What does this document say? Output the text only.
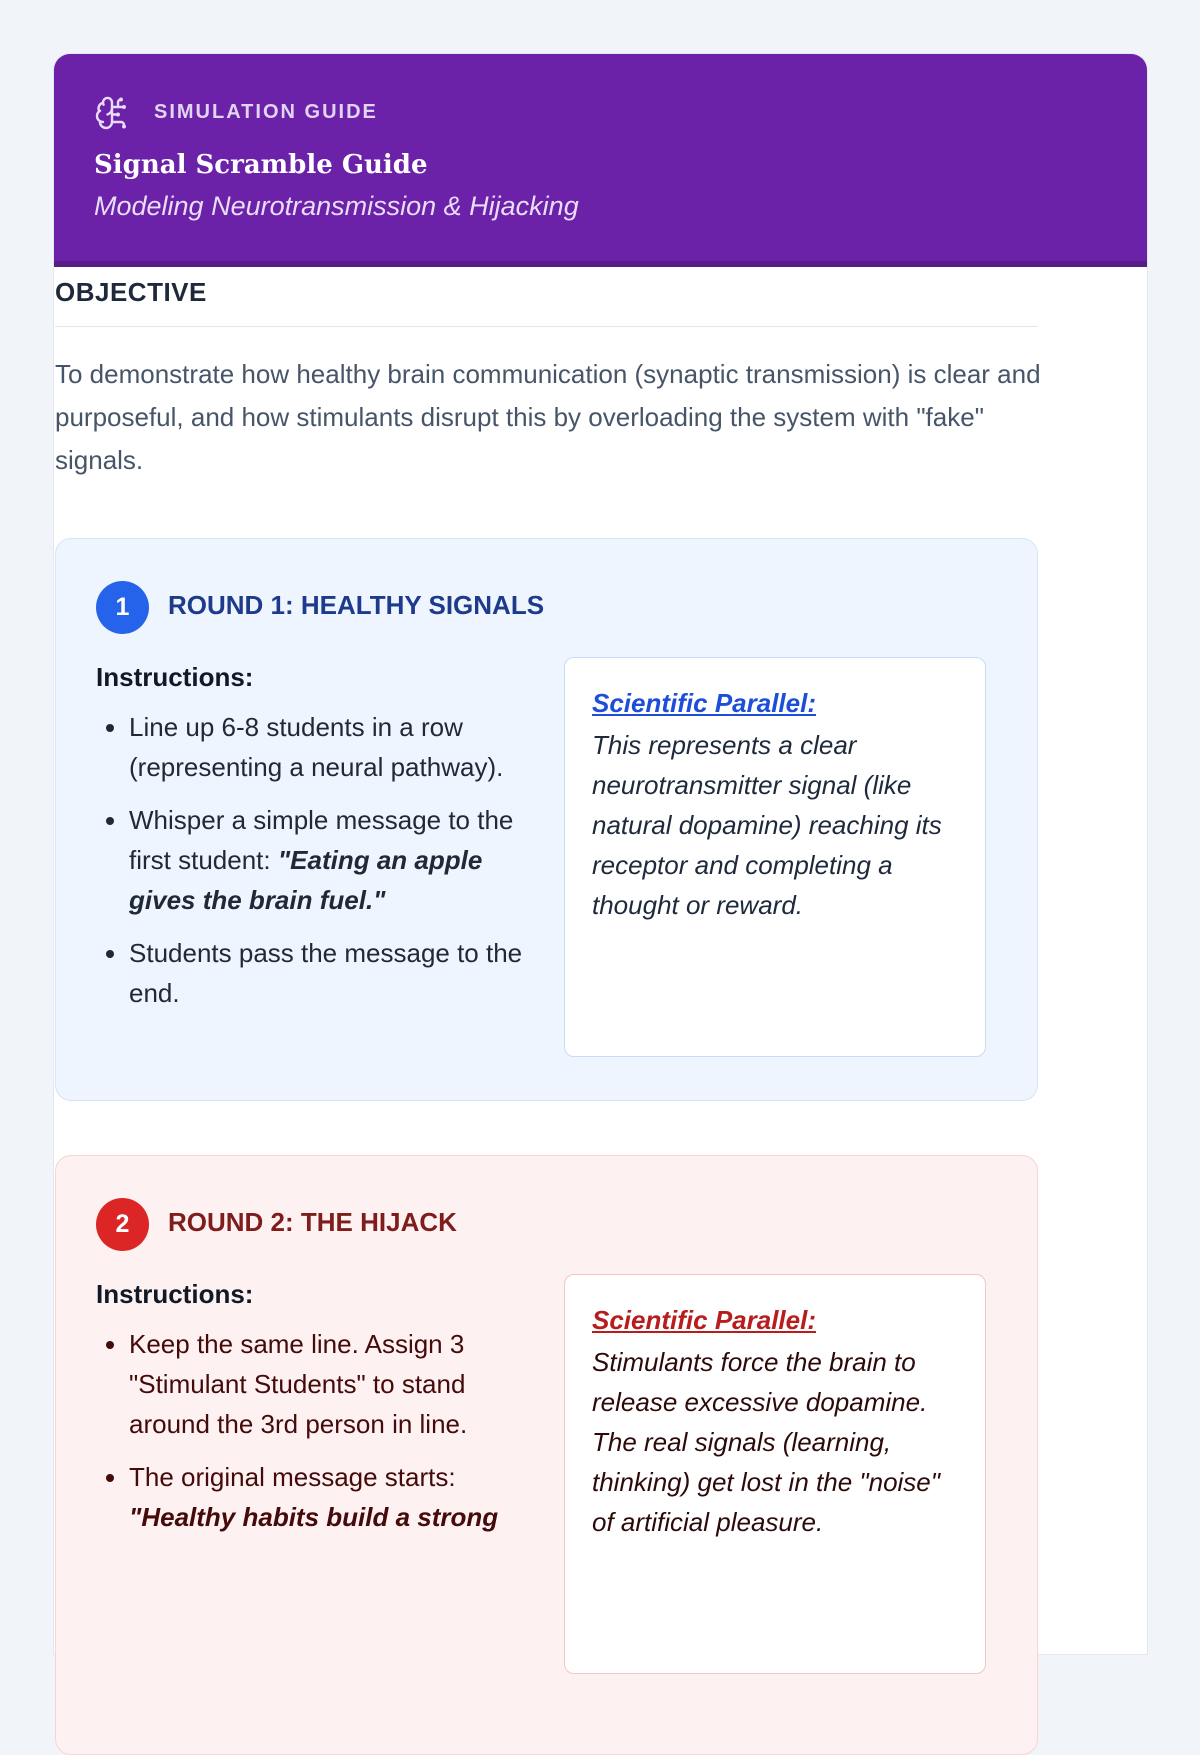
SIMULATION GUIDE
Signal Scramble Guide
Modeling Neurotransmission & Hijacking
OBJECTIVE
To demonstrate how healthy brain communication (synaptic transmission) is clear and purposeful, and how stimulants disrupt this by overloading the system with "fake" signals.
1	ROUND 1: HEALTHY SIGNALS
Instructions:
• Line up 6-8 students in a row (representing a neural pathway).
• Whisper a simple message to the first student: "Eating an apple gives the brain fuel."
• Students pass the message to the end.
Scientific Parallel:
This represents a clear neurotransmitter signal (like natural dopamine) reaching its receptor and completing a thought or reward.
2	ROUND 2: THE HIJACK
Instructions:
• Keep the same line. Assign 3 "Stimulant Students" to stand around the 3rd person in line.
• The original message starts:
"Healthy habits build a strong
Scientific Parallel:
Stimulants force the brain to release excessive dopamine. The real signals (learning, thinking) get lost in the "noise" of artificial pleasure.
